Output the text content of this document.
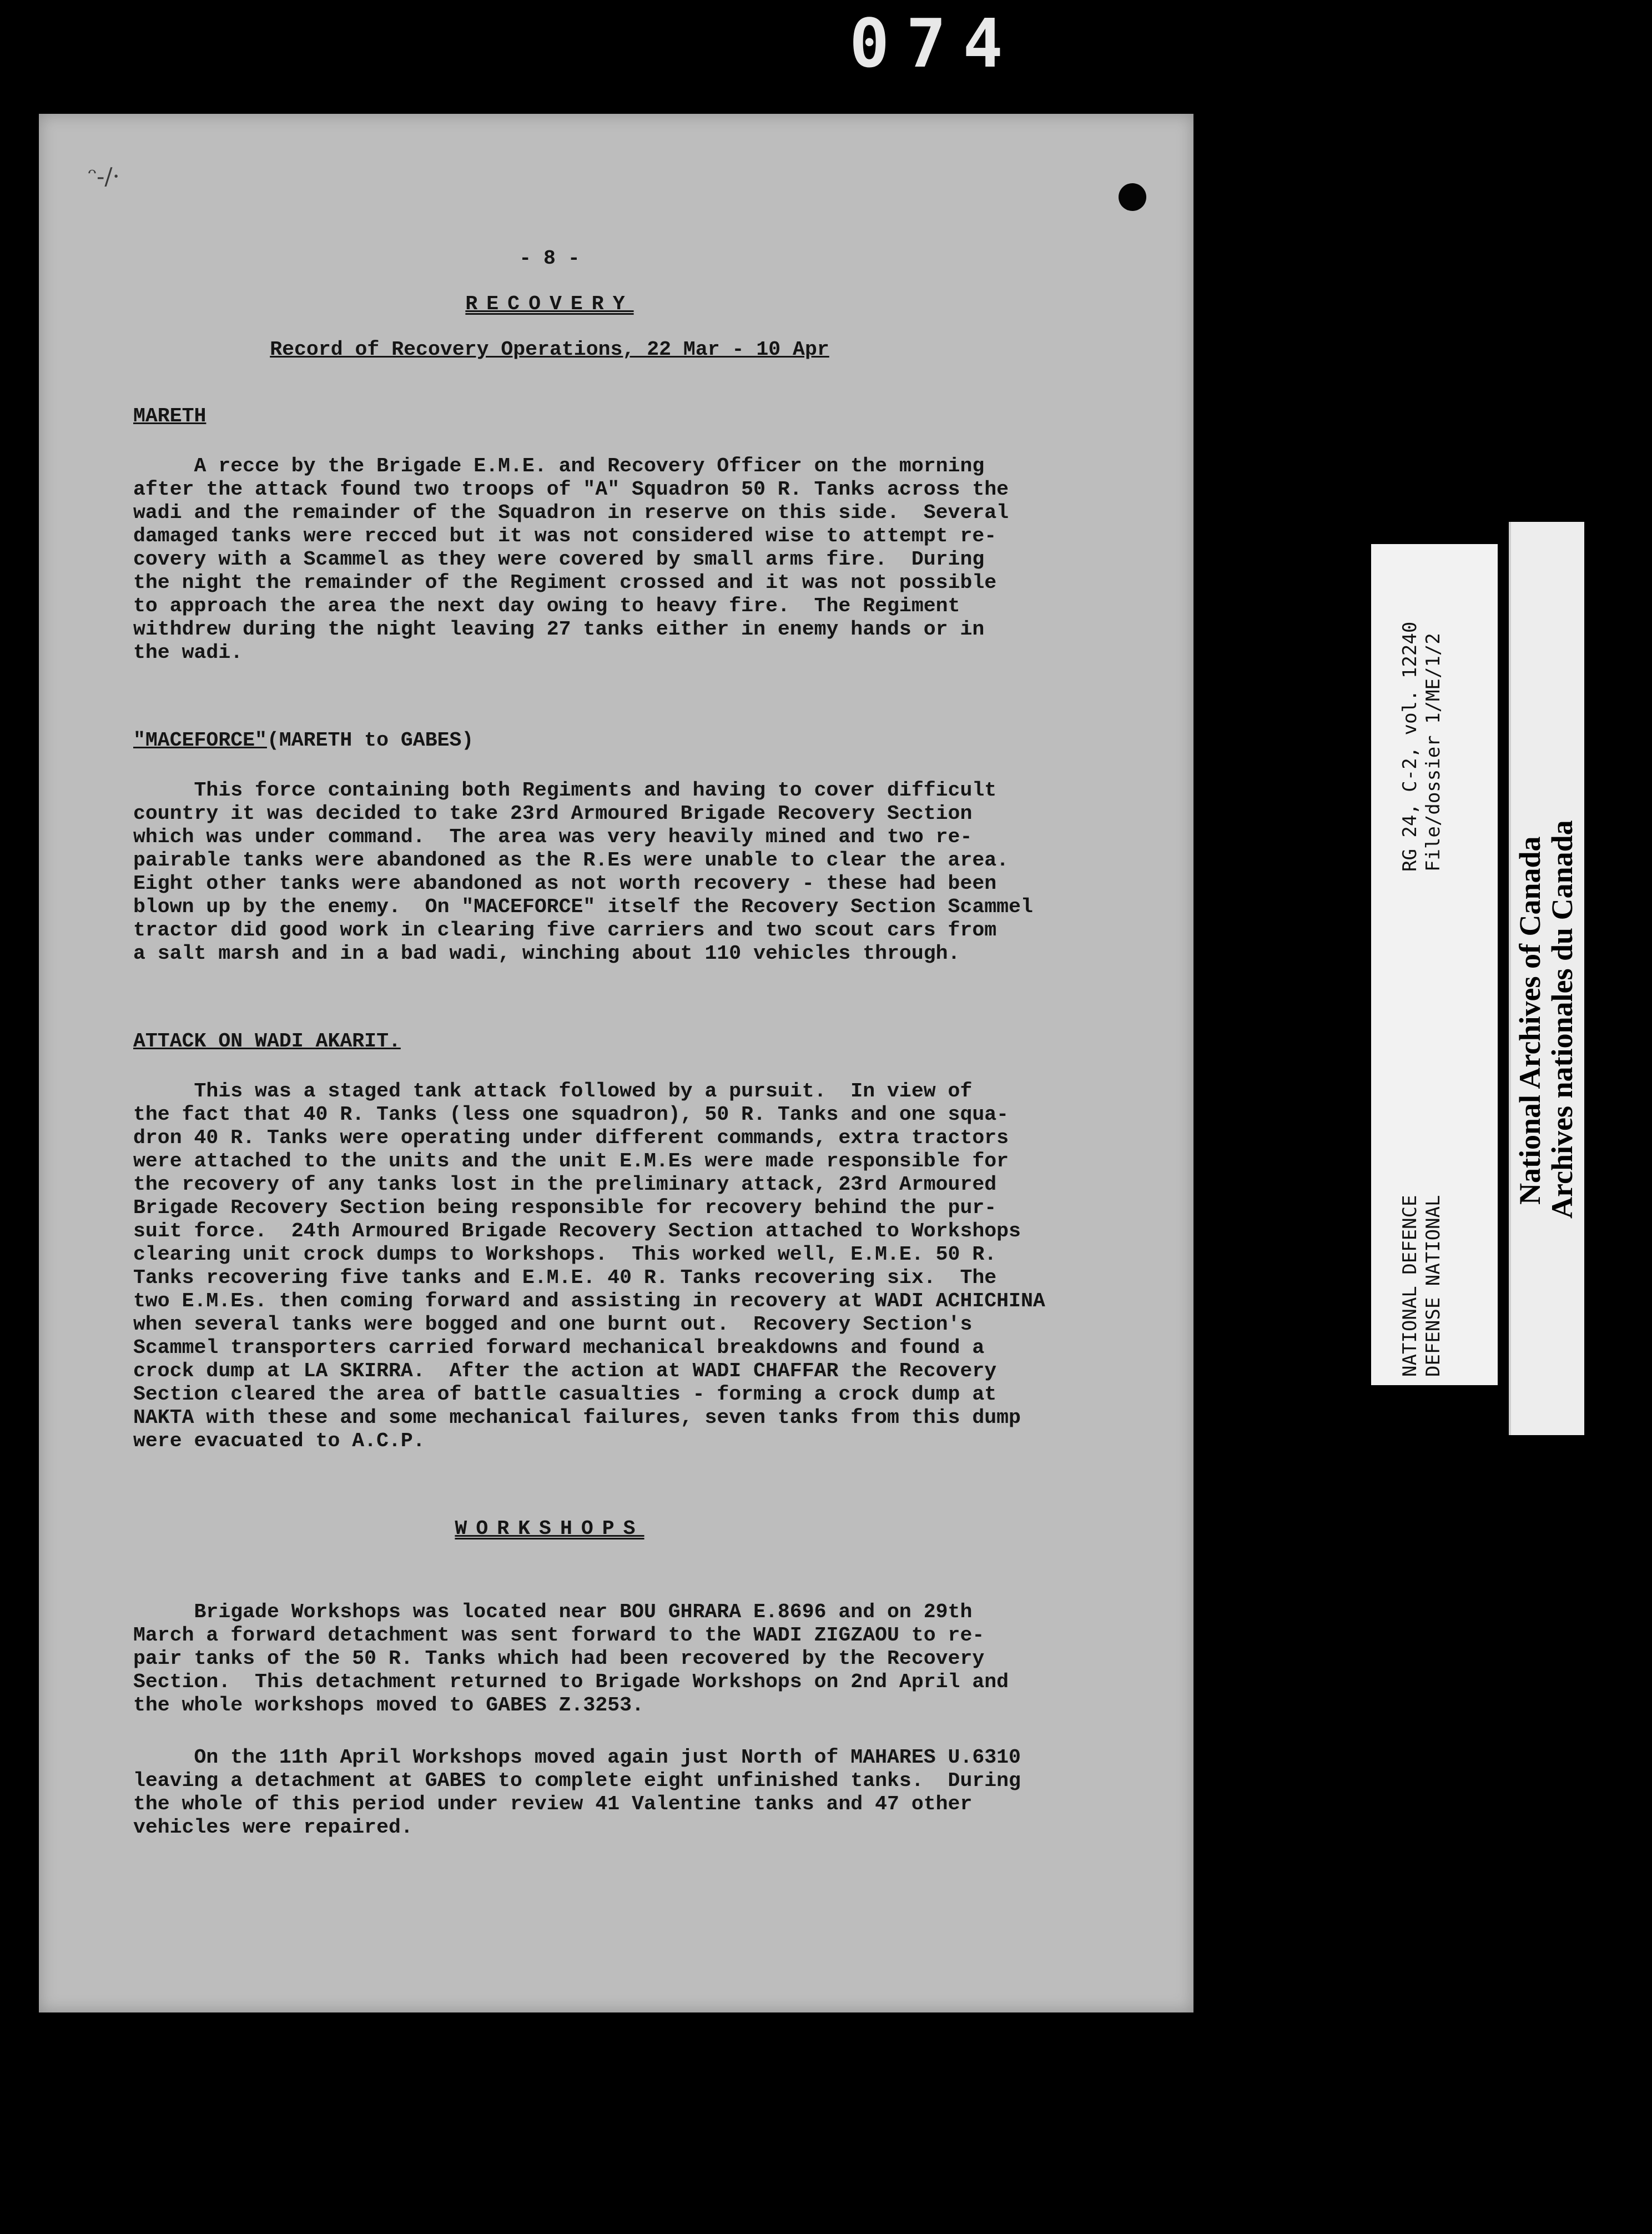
074
ᵔ-/·
- 8 -
RECOVERY
Record of Recovery Operations, 22 Mar - 10 Apr
MARETH
A recce by the Brigade E.M.E. and Recovery Officer on the morning
after the attack found two troops of "A" Squadron 50 R. Tanks across the
wadi and the remainder of the Squadron in reserve on this side.  Several
damaged tanks were recced but it was not considered wise to attempt re-
covery with a Scammel as they were covered by small arms fire.  During
the night the remainder of the Regiment crossed and it was not possible
to approach the area the next day owing to heavy fire.  The Regiment
withdrew during the night leaving 27 tanks either in enemy hands or in
the wadi.
"MACEFORCE"(MARETH to GABES)
This force containing both Regiments and having to cover difficult
country it was decided to take 23rd Armoured Brigade Recovery Section
which was under command.  The area was very heavily mined and two re-
pairable tanks were abandoned as the R.Es were unable to clear the area.
Eight other tanks were abandoned as not worth recovery - these had been
blown up by the enemy.  On "MACEFORCE" itself the Recovery Section Scammel
tractor did good work in clearing five carriers and two scout cars from
a salt marsh and in a bad wadi, winching about 110 vehicles through.
ATTACK ON WADI AKARIT.
This was a staged tank attack followed by a pursuit.  In view of
the fact that 40 R. Tanks (less one squadron), 50 R. Tanks and one squa-
dron 40 R. Tanks were operating under different commands, extra tractors
were attached to the units and the unit E.M.Es were made responsible for
the recovery of any tanks lost in the preliminary attack, 23rd Armoured
Brigade Recovery Section being responsible for recovery behind the pur-
suit force.  24th Armoured Brigade Recovery Section attached to Workshops
clearing unit crock dumps to Workshops.  This worked well, E.M.E. 50 R.
Tanks recovering five tanks and E.M.E. 40 R. Tanks recovering six.  The
two E.M.Es. then coming forward and assisting in recovery at WADI ACHICHINA
when several tanks were bogged and one burnt out.  Recovery Section's
Scammel transporters carried forward mechanical breakdowns and found a
crock dump at LA SKIRRA.  After the action at WADI CHAFFAR the Recovery
Section cleared the area of battle casualties - forming a crock dump at
NAKTA with these and some mechanical failures, seven tanks from this dump
were evacuated to A.C.P.
WORKSHOPS
Brigade Workshops was located near BOU GHRARA E.8696 and on 29th
March a forward detachment was sent forward to the WADI ZIGZAOU to re-
pair tanks of the 50 R. Tanks which had been recovered by the Recovery
Section.  This detachment returned to Brigade Workshops on 2nd April and
the whole workshops moved to GABES Z.3253.
On the 11th April Workshops moved again just North of MAHARES U.6310
leaving a detachment at GABES to complete eight unfinished tanks.  During
the whole of this period under review 41 Valentine tanks and 47 other
vehicles were repaired.
RG 24, C-2, vol. 12240 File/dossier 1/ME/1/2
NATIONAL DEFENCE DEFENSE NATIONAL
National Archives of Canada
Archives nationales du Canada
